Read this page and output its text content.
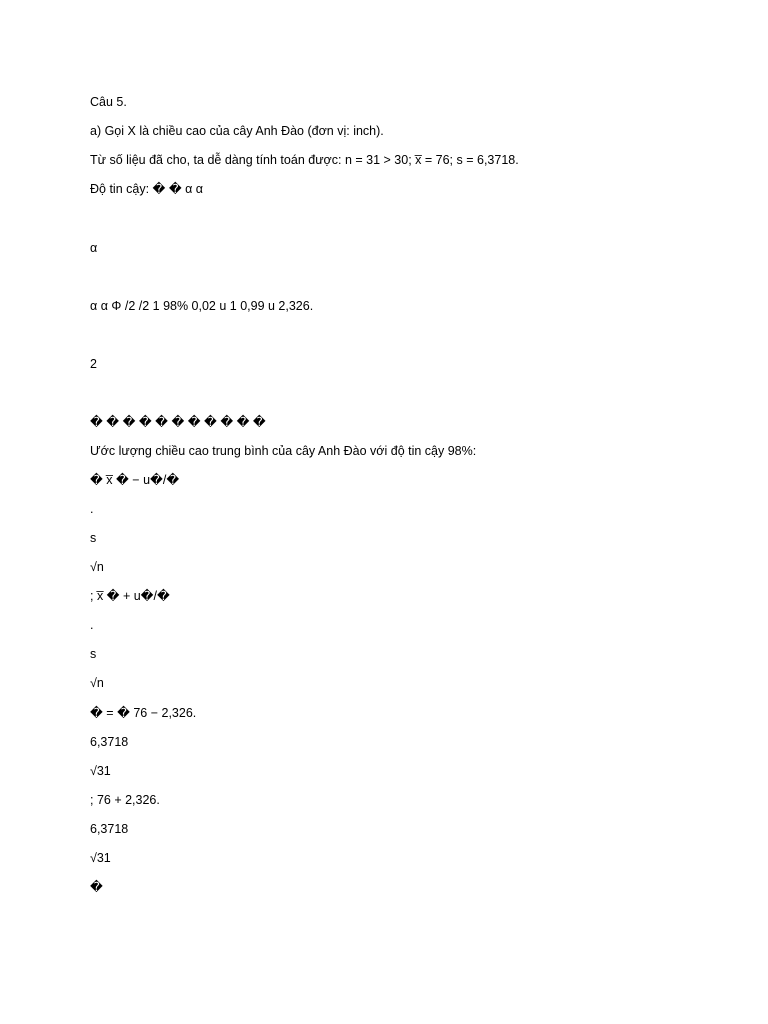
Câu 5.
a) Gọi X là chiều cao của cây Anh Đào (đơn vị: inch).
Từ số liệu đã cho, ta dễ dàng tính toán được: n = 31 > 30; x̅ = 76; s = 6,3718.
Độ tin cậy: � � α α
α
α α Φ /2 /2 1 98% 0,02 u 1 0,99 u 2,326.
2
� � � � � � � � � � �
Ước lượng chiều cao trung bình của cây Anh Đào với độ tin cậy 98%:
� x̅ � − u�/�
.
s
√n
; x̅ � + u�/�
.
s
√n
� = � 76 − 2,326.
6,3718
√31
; 76 + 2,326.
6,3718
√31
�
